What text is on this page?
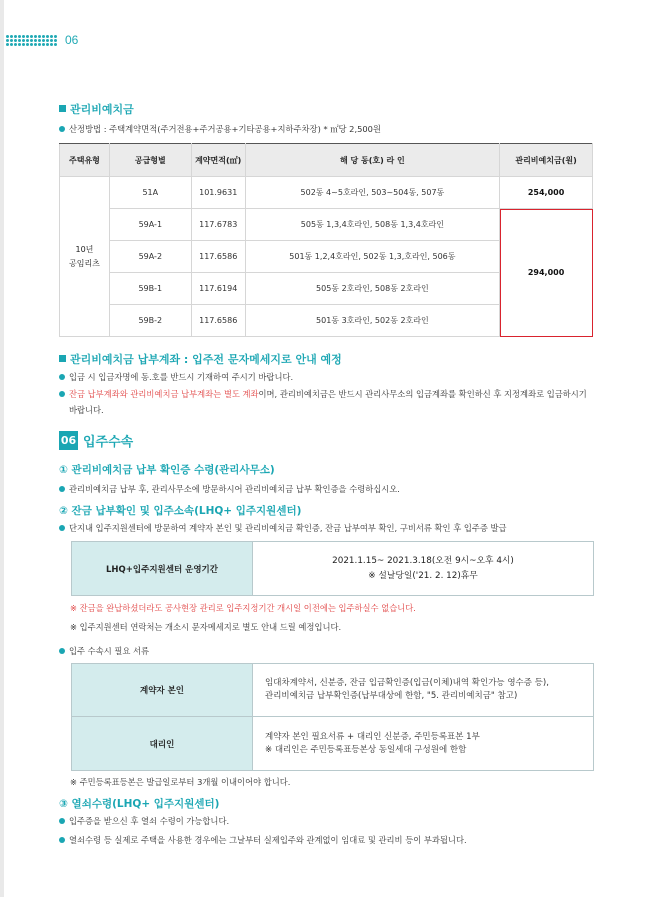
06
관리비예치금
산정방법 : 주택계약면적(주거전용+주거공용+기타공용+지하주차장) * ㎡당 2,500원
주택유형	공급형별	계약면적(㎡)	해 당 동(호) 라 인	관리비예치금(원)
10년
공임리츠	51A	101.9631	502동 4~5호라인, 503~504동, 507동	254,000
	59A-1	117.6783	505동 1,3,4호라인, 508동 1,3,4호라인	294,000
	59A-2	117.6586	501동 1,2,4호라인, 502동 1,3,호라인, 506동	
	59B-1	117.6194	505동 2호라인, 508동 2호라인	
	59B-2	117.6586	501동 3호라인, 502동 2호라인	
관리비예치금 납부계좌 : 입주전 문자메세지로 안내 예정
입금 시 입금자명에 동.호를 반드시 기재하여 주시기 바랍니다.
잔금 납부계좌와 관리비예치금 납부계좌는 별도 계좌이며, 관리비예치금은 반드시 관리사무소의 입금계좌를 확인하신 후 지정계좌로 입금하시기
바랍니다.
06 입주수속
① 관리비예치금 납부 확인증 수령(관리사무소)
관리비예치금 납부 후, 관리사무소에 방문하시어 관리비예치금 납부 확인증을 수령하십시오.
② 잔금 납부확인 및 입주소속(LHQ+ 입주지원센터)
단지내 입주지원센터에 방문하여 계약자 본인 및 관리비예치금 확인증, 잔금 납부여부 확인, 구비서류 확인 후 입주증 발급
LHQ+입주지원센터 운영기간	
2021.1.15~ 2021.3.18(오전 9시~오후 4시)
※ 설날당일('21. 2. 12)휴무
※ 잔금을 완납하셨더라도 공사현장 관리로 입주지정기간 개시일 이전에는 입주하실수 없습니다.
※ 입주지원센터 연락처는 개소시 문자메세지로 별도 안내 드릴 예정입니다.
입주 수속시 필요 서류
계약자 본인	임대차계약서, 신분증, 잔금 입금확인증(입금(이체)내역 확인가능 영수증 등),
관리비예치금 납부확인증(납부대상에 한함, "5. 관리비예치금" 참고)

대리인	계약자 본인 필요서류 + 대리인 신분증, 주민등록표본 1부
※ 대리인은 주민등록표등본상 동일세대 구성원에 한함
※ 주민등록표등본은 발급일로부터 3개월 이내이어야 합니다.
③ 열쇠수령(LHQ+ 입주지원센터)
입주증을 받으신 후 열쇠 수령이 가능합니다.
열쇠수령 등 실제로 주택을 사용한 경우에는 그날부터 실제입주와 관계없이 임대료 및 관리비 등이 부과됩니다.
